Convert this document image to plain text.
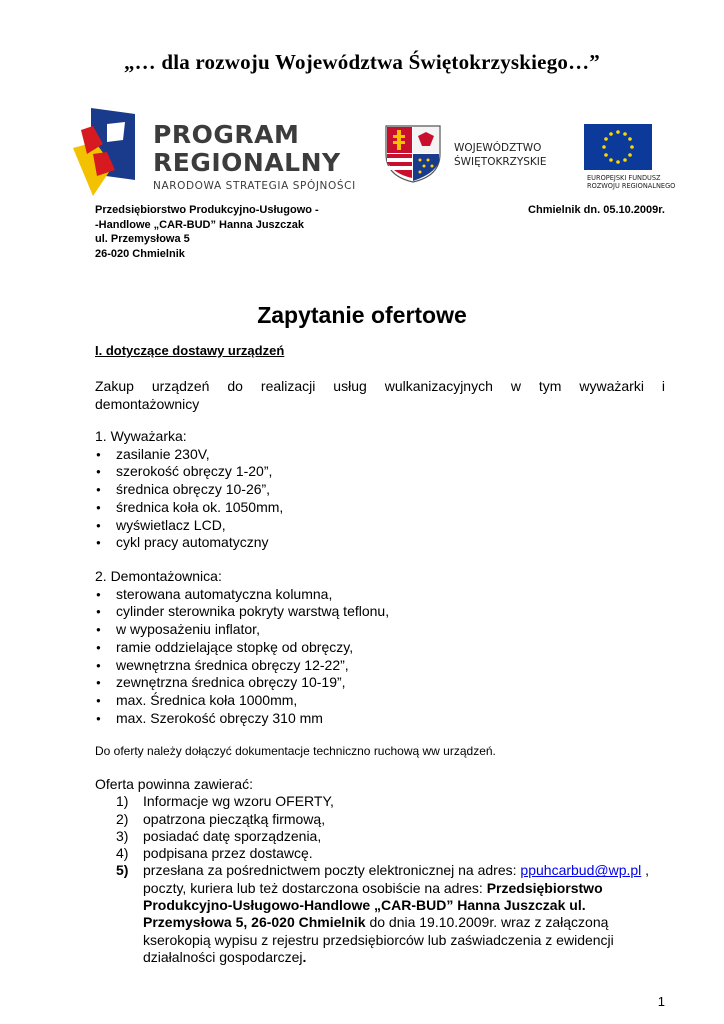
„… dla rozwoju Województwa Świętokrzyskiego…”
PROGRAM
REGIONALNY
NARODOWA STRATEGIA SPÓJNOŚCI
WOJEWÓDZTWO
ŚWIĘTOKRZYSKIE
EUROPEJSKI FUNDUSZ
ROZWOJU REGIONALNEGO
Przedsiębiorstwo Produkcyjno-Usługowo -
-Handlowe „CAR-BUD” Hanna Juszczak
ul. Przemysłowa 5
26-020 Chmielnik
Chmielnik dn. 05.10.2009r.
Zapytanie ofertowe
I. dotyczące dostawy urządzeń
Zakup urządzeń do realizacji usług wulkanizacyjnych w tym wyważarki i
demontażownicy
1. Wyważarka:
● zasilanie 230V,
● szerokość obręczy 1-20”,
● średnica obręczy 10-26”,
● średnica koła ok. 1050mm,
● wyświetlacz LCD,
● cykl pracy automatyczny
2. Demontażownica:
● sterowana automatyczna kolumna,
● cylinder sterownika pokryty warstwą teflonu,
● w wyposażeniu inflator,
● ramie oddzielające stopkę od obręczy,
● wewnętrzna średnica obręczy 12-22”,
● zewnętrzna średnica obręczy 10-19”,
● max. Średnica koła 1000mm,
● max. Szerokość obręczy 310 mm
Do oferty należy dołączyć dokumentacje techniczno ruchową ww urządzeń.
Oferta powinna zawierać:
1) Informacje wg wzoru OFERTY,
2) opatrzona pieczątką firmową,
3) posiadać datę sporządzenia,
4) podpisana przez dostawcę.
5) przesłana za pośrednictwem poczty elektronicznej na adres: ppuhcarbud@wp.pl , poczty, kuriera lub też dostarczona osobiście na adres: Przedsiębiorstwo Produkcyjno-Usługowo-Handlowe „CAR-BUD” Hanna Juszczak ul. Przemysłowa 5, 26-020 Chmielnik do dnia 19.10.2009r. wraz z załączoną kserokopią wypisu z rejestru przedsiębiorców lub zaświadczenia z ewidencji działalności gospodarczej.
1
